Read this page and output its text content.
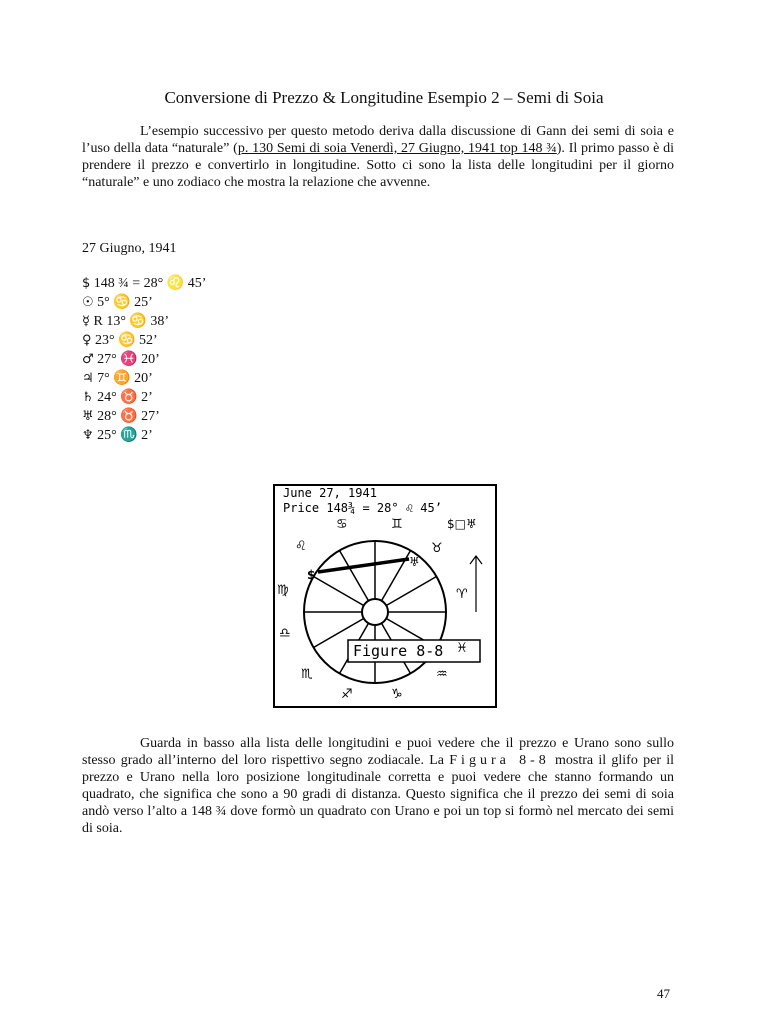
Conversione di Prezzo & Longitudine Esempio 2 – Semi di Soia
L’esempio successivo per questo metodo deriva dalla discussione di Gann dei semi di soia e l’uso della data “naturale” (p. 130 Semi di soia Venerdì, 27 Giugno, 1941 top 148 ¾). Il primo passo è di prendere il prezzo e convertirlo in longitudine. Sotto ci sono la lista delle longitudini per il giorno “naturale” e uno zodiaco che mostra la relazione che avvenne.
27 Giugno, 1941
$ 148 ¾ = 28° ♌ 45’
☉ 5° ♋ 25’
☿ R 13° ♋ 38’
♀ 23° ♋ 52’
♂ 27° ♓ 20’
♃ 7° ♊ 20’
♄ 24° ♉ 2’
♅ 28° ♉ 27’
♆ 25° ♏ 2’
June 27, 1941
Price 148¾ = 28° ♌ 45’
$□♅
$
♅
Figure 8-8
♋	♊
♉
♈
♓
♒
♑
♐
♏
♎
♍
♌
Guarda in basso alla lista delle longitudini e puoi vedere che il prezzo e Urano sono sullo stesso grado all’interno del loro rispettivo segno zodiacale. La Figura 8-8 mostra il glifo per il prezzo e Urano nella loro posizione longitudinale corretta e puoi vedere che stanno formando un quadrato, che significa che sono a 90 gradi di distanza. Questo significa che il prezzo dei semi di soia andò verso l’alto a 148 ¾ dove formò un quadrato con Urano e poi un top si formò nel mercato dei semi di soia.
47
